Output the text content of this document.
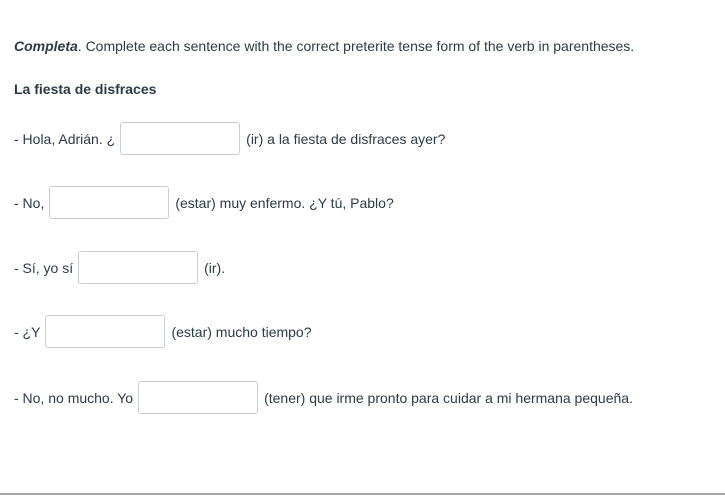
Completa. Complete each sentence with the correct preterite tense form of the verb in parentheses.

La fiesta de disfraces
- Hola, Adrián. ¿	(ir) a la fiesta de disfraces ayer?
- No,	(estar) muy enfermo. ¿Y tú, Pablo?
- Sí, yo sí	(ir).
- ¿Y	(estar) mucho tiempo?
- No, no mucho. Yo	(tener) que irme pronto para cuidar a mi hermana pequeña.
